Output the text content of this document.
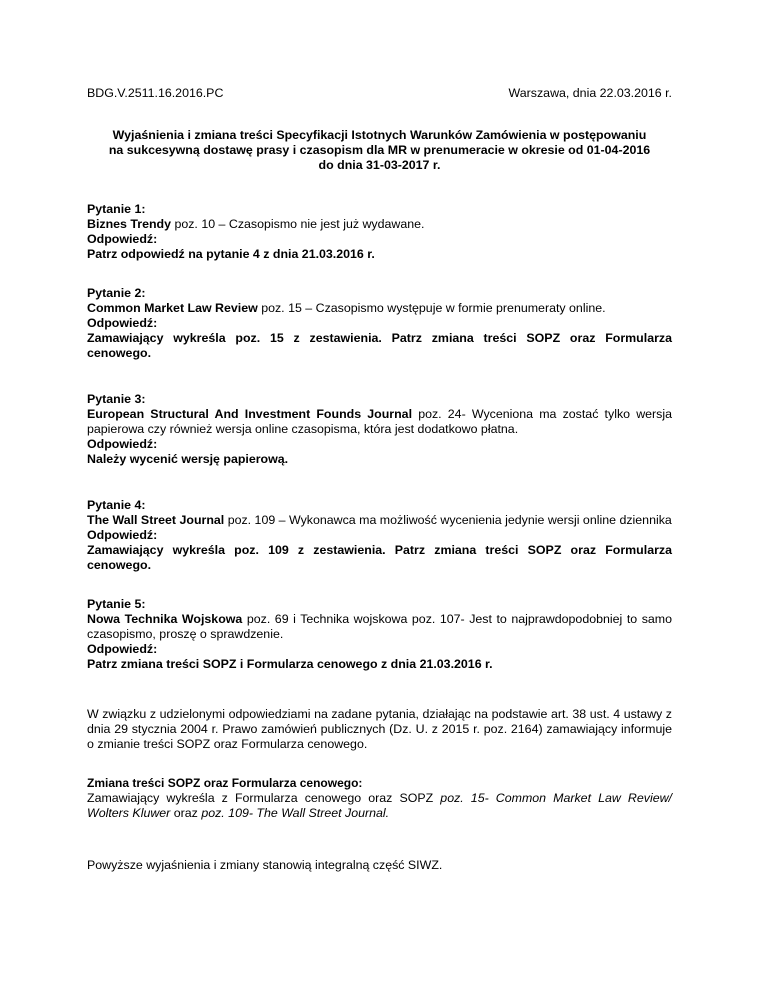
BDG.V.2511.16.2016.PC	Warszawa, dnia 22.03.2016 r.
Wyjaśnienia i zmiana treści Specyfikacji Istotnych Warunków Zamówienia w postępowaniu
na sukcesywną dostawę prasy i czasopism dla MR w prenumeracie w okresie od 01-04-2016
do dnia 31-03-2017 r.
Pytanie 1:
Biznes Trendy poz. 10 – Czasopismo nie jest już wydawane.
Odpowiedź:
Patrz odpowiedź na pytanie 4 z dnia 21.03.2016 r.
Pytanie 2:
Common Market Law Review poz. 15 – Czasopismo występuje w formie prenumeraty online.
Odpowiedź:
Zamawiający wykreśla poz. 15 z zestawienia. Patrz zmiana treści SOPZ oraz Formularza cenowego.
Pytanie 3:
European Structural And Investment Founds Journal poz. 24- Wyceniona ma zostać tylko wersja papierowa czy również wersja online czasopisma, która jest dodatkowo płatna.
Odpowiedź:
Należy wycenić wersję papierową.
Pytanie 4:
The Wall Street Journal poz. 109 – Wykonawca ma możliwość wycenienia jedynie wersji online dziennika
Odpowiedź:
Zamawiający wykreśla poz. 109 z zestawienia. Patrz zmiana treści SOPZ oraz Formularza cenowego.
Pytanie 5:
Nowa Technika Wojskowa poz. 69 i Technika wojskowa poz. 107- Jest to najprawdopodobniej to samo czasopismo, proszę o sprawdzenie.
Odpowiedź:
Patrz zmiana treści SOPZ i Formularza cenowego z dnia 21.03.2016 r.

W związku z udzielonymi odpowiedziami na zadane pytania, działając na podstawie art. 38 ust. 4 ustawy z dnia 29 stycznia 2004 r. Prawo zamówień publicznych (Dz. U. z 2015 r. poz. 2164) zamawiający informuje o zmianie treści SOPZ oraz Formularza cenowego.

Zmiana treści SOPZ oraz Formularza cenowego:
Zamawiający wykreśla z Formularza cenowego oraz SOPZ poz. 15- Common Market Law Review/ Wolters Kluwer oraz poz. 109- The Wall Street Journal.

Powyższe wyjaśnienia i zmiany stanowią integralną część SIWZ.
